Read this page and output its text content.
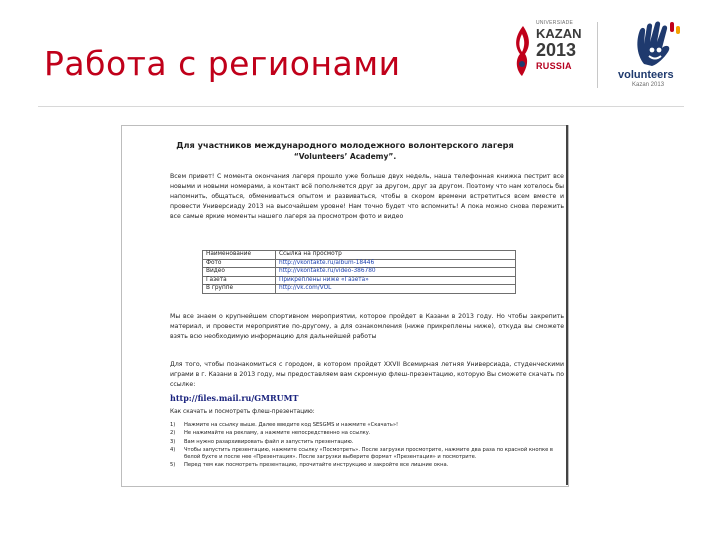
Работа с регионами
UNIVERSIADE
KAZAN
2013
RUSSIA
volunteers
Kazan 2013
Для участников международного молодежного волонтерского лагеря
“Volunteers’ Academy”.

Всем привет! С момента окончания лагеря прошло уже больше двух недель, наша телефонная книжка пестрит все новыми и новыми номерами, а контакт всё пополняется друг за другом, друг за другом. Поэтому что нам хотелось бы напомнить, общаться, обмениваться опытом и развиваться, чтобы в скором времени встретиться всем вместе и провести Универсиаду 2013 на высочайшем уровне! Нам точно будет что вспомнить! А пока можно снова пережить все самые яркие моменты нашего лагеря за просмотром фото и видео

Наименование	Ссылка на просмотр
Фото	http://vkontakte.ru/album-18446
Видео	http://vkontakte.ru/video-386780
Газета	Прикреплены ниже «Газета»
В группе	http://vk.com/VOL

Мы все знаем о крупнейшем спортивном мероприятии, которое пройдет в Казани в 2013 году. Но чтобы закрепить материал, и провести мероприятие по-другому, а для ознакомления (ниже прикреплены ниже), откуда вы сможете взять всю необходимую информацию для дальнейшей работы

Для того, чтобы познакомиться с городом, в котором пройдет XXVII Всемирная летняя Универсиада, студенческими играми в г. Казани в 2013 году, мы предоставляем вам скромную флеш-презентацию, которую Вы сможете скачать по ссылке:

http://files.mail.ru/GMRUMT
Как скачать и посмотреть флеш-презентацию:
1) Нажмите на ссылку выше. Далее введите код SESGMS и нажмите «Скачать»!
2) Не нажимайте на рекламу, а нажмите непосредственно на ссылку.
3) Вам нужно разархивировать файл и запустить презентацию.
4) Чтобы запустить презентацию, нажмите ссылку «Посмотреть». После загрузки просмотрите, нажмите два раза по красной кнопке в белой бухте и после нее «Презентация». После загрузки выберите формат «Презентация» и посмотрите.
5) Перед тем как посмотреть презентацию, прочитайте инструкцию и закройте все лишние окна.
